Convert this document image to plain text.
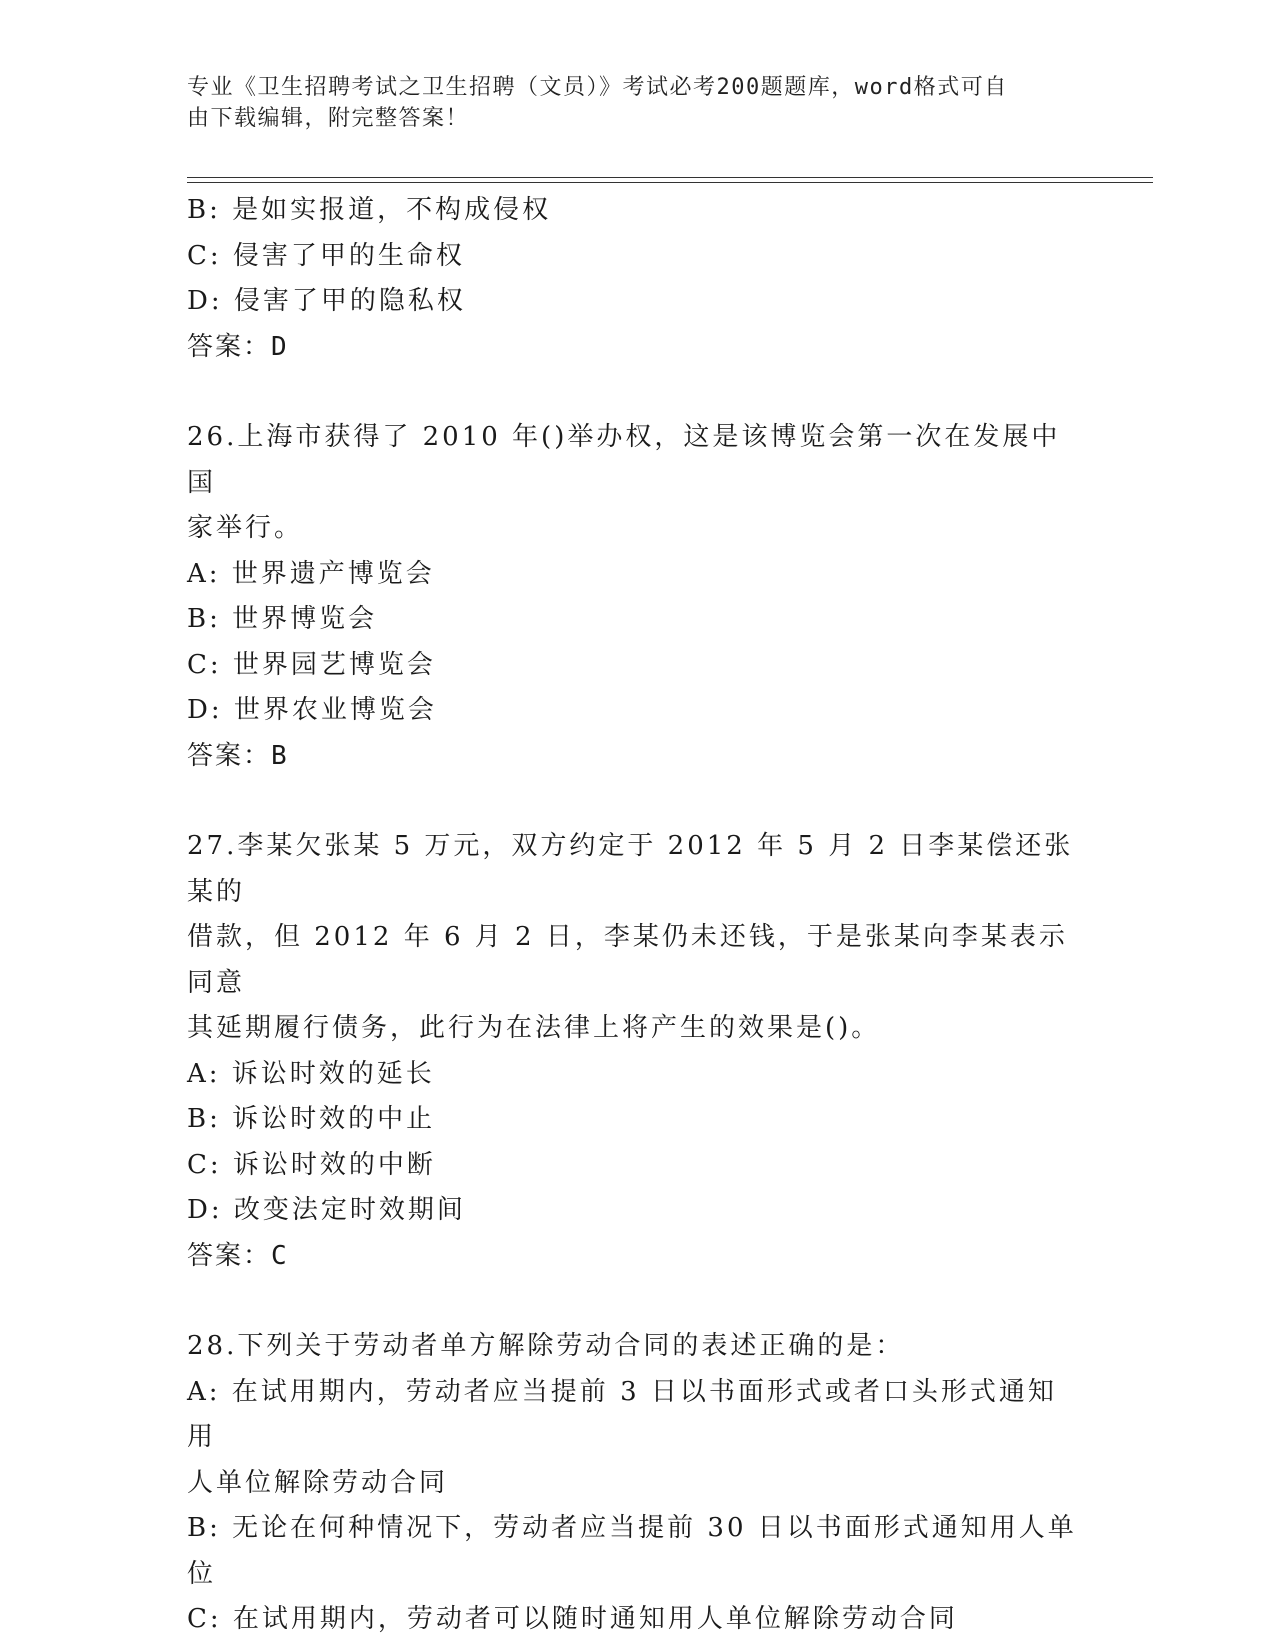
专业《卫生招聘考试之卫生招聘（文员）》考试必考200题题库，word格式可自
由下载编辑，附完整答案！
B: 是如实报道，不构成侵权
C: 侵害了甲的生命权
D: 侵害了甲的隐私权
答案：D
26.上海市获得了 2010 年()举办权，这是该博览会第一次在发展中国
家举行。
A: 世界遗产博览会
B: 世界博览会
C: 世界园艺博览会
D: 世界农业博览会
答案：B
27.李某欠张某 5 万元，双方约定于 2012 年 5 月 2 日李某偿还张某的
借款，但 2012 年 6 月 2 日，李某仍未还钱，于是张某向李某表示同意
其延期履行债务，此行为在法律上将产生的效果是()。
A: 诉讼时效的延长
B: 诉讼时效的中止
C: 诉讼时效的中断
D: 改变法定时效期间
答案：C
28.下列关于劳动者单方解除劳动合同的表述正确的是：
A: 在试用期内，劳动者应当提前 3 日以书面形式或者口头形式通知用
人单位解除劳动合同
B: 无论在何种情况下，劳动者应当提前 30 日以书面形式通知用人单
位
C: 在试用期内，劳动者可以随时通知用人单位解除劳动合同
